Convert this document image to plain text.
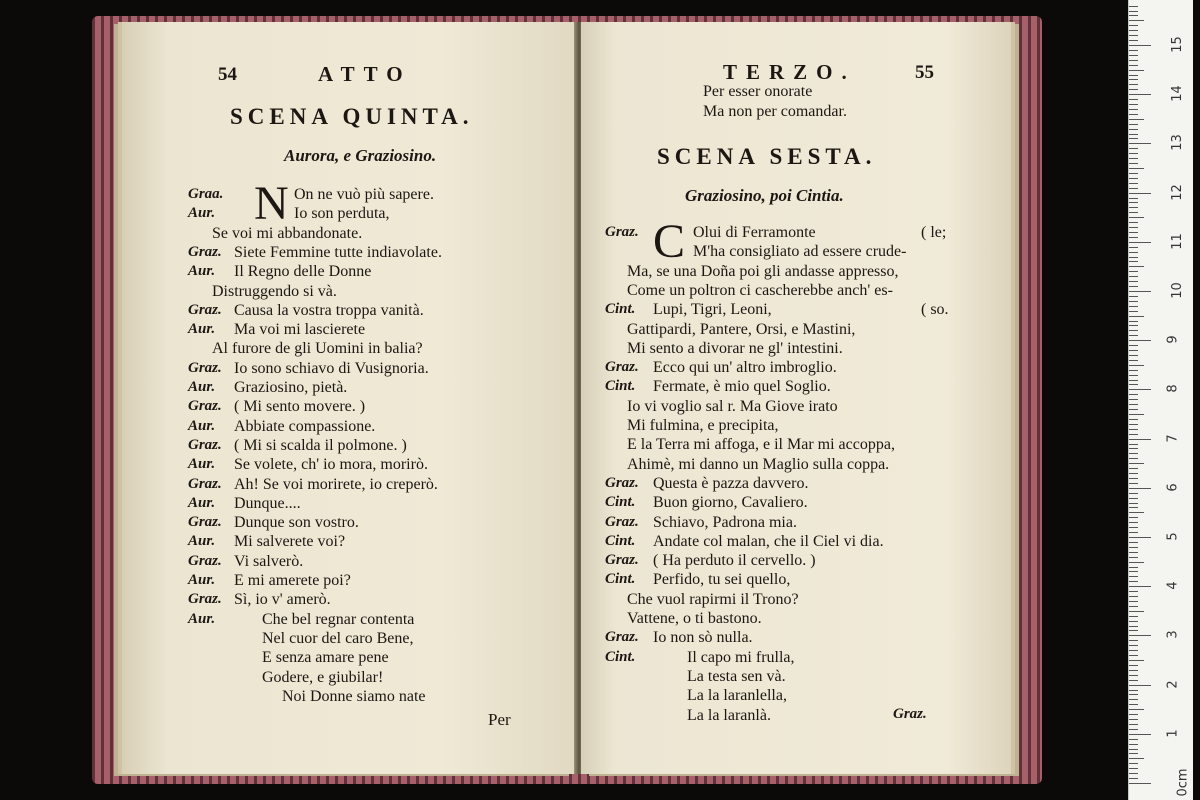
54	ATTO
SCENA QUINTA.
Aurora, e Graziosino.
Graa. N On ne vuò più sapere.
Aur.	Io son perduta,
Se voi mi abbandonate.
Graz. Siete Femmine tutte indiavolate.
Aur. Il Regno delle Donne
Distruggendo si và.
Graz. Causa la vostra troppa vanità.
Aur. Ma voi mi lascierete
Al furore de gli Uomini in balia?
Graz. Io sono schiavo di Vusignoria.
Aur. Graziosino, pietà.
Graz. ( Mi sento movere. )
Aur. Abbiate compassione.
Graz. ( Mi si scalda il polmone. )
Aur. Se volete, ch' io mora, morirò.
Graz. Ah! Se voi morirete, io creperò.
Aur. Dunque....
Graz. Dunque son vostro.
Aur. Mi salverete voi?
Graz. Vi salverò.
Aur. E mi amerete poi?
Graz. Sì, io v' amerò.
Aur.	Che bel regnar contenta
Nel cuor del caro Bene,
E senza amare pene
Godere, e giubilar!
Noi Donne siamo nate
Per
TERZO.	55
Per esser onorate
Ma non per comandar.
SCENA SESTA.
Graziosino, poi Cintia.
Graz. C Olui di Ferramonte	( le;
M'ha consigliato ad essere crude-
Ma, se una Doña poi gli andasse appresso,
Come un poltron ci cascherebbe anch' es-
Cint. Lupi, Tigri, Leoni,	( so.
Gattipardi, Pantere, Orsi, e Mastini,
Mi sento a divorar ne gl' intestini.
Graz. Ecco qui un' altro imbroglio.
Cint. Fermate, è mio quel Soglio.
Io vi voglio sal r. Ma Giove irato
Mi fulmina, e precipita,
E la Terra mi affoga, e il Mar mi accoppa,
Ahimè, mi danno un Maglio sulla coppa.
Graz. Questa è pazza davvero.
Cint. Buon giorno, Cavaliero.
Graz. Schiavo, Padrona mia.
Cint. Andate col malan, che il Ciel vi dia.
Graz. ( Ha perduto il cervello. )
Cint. Perfido, tu sei quello,
Che vuol rapirmi il Trono?
Vattene, o ti bastono.
Graz. Io non sò nulla.
Cint.	Il capo mi frulla,
La testa sen và.
La la laranlella,
La la laranlà.	Graz.
0cm
1
2
3
4
5
6
7
8
9
10
11
12
13
14
15
